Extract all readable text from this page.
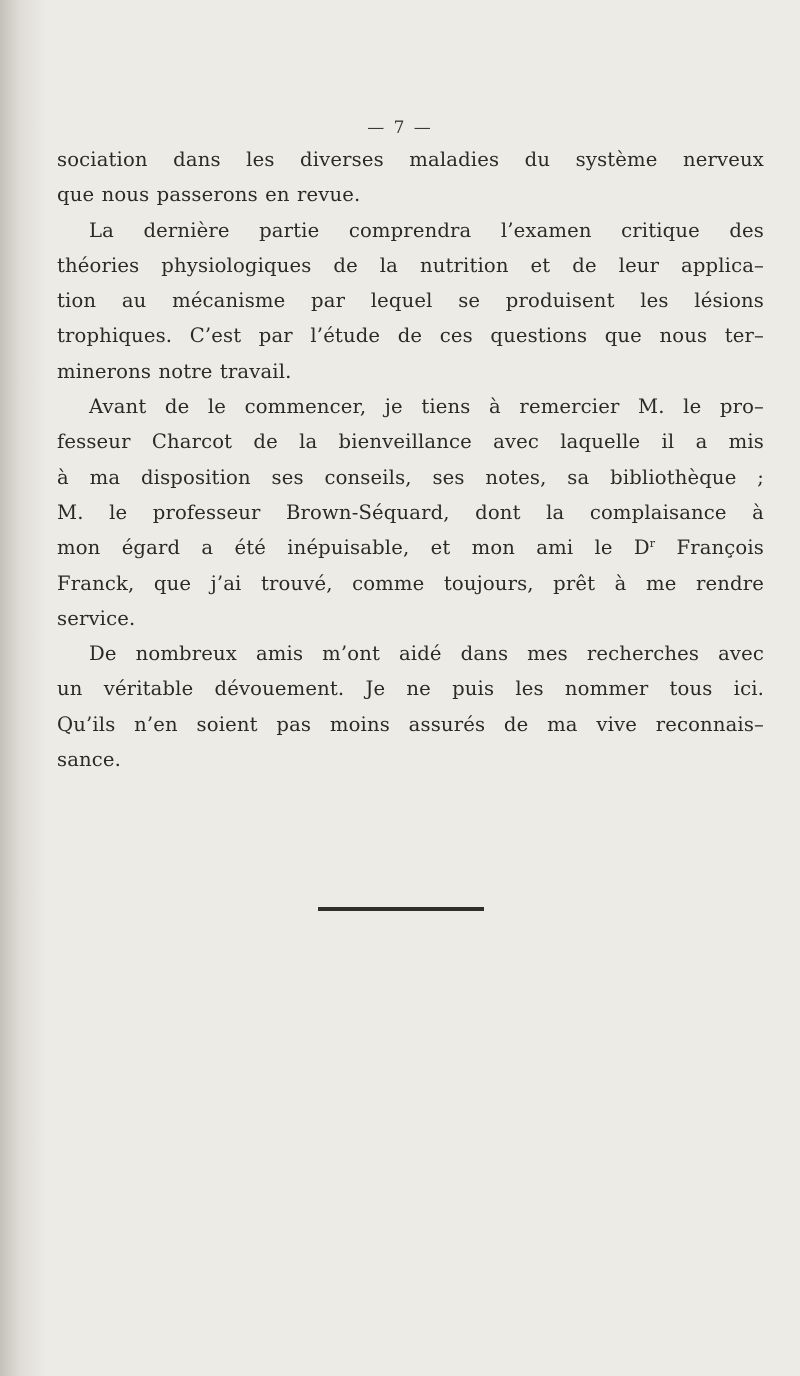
— 7 —
sociation dans les diverses maladies du système nerveux
que nous passerons en revue.
La dernière partie comprendra l’examen critique des
théories physiologiques de la nutrition et de leur applica–
tion au mécanisme par lequel se produisent les lésions
trophiques. C’est par l’étude de ces questions que nous ter–
minerons notre travail.
Avant de le commencer, je tiens à remercier M. le pro–
fesseur Charcot de la bienveillance avec laquelle il a mis
à ma disposition ses conseils, ses notes, sa bibliothèque ;
M. le professeur Brown-Séquard, dont la complaisance à
mon égard a été inépuisable, et mon ami le $D^r$ François
Franck, que j’ai trouvé, comme toujours, prêt à me rendre
service.
De nombreux amis m’ont aidé dans mes recherches avec
un véritable dévouement. Je ne puis les nommer tous ici.
Qu’ils n’en soient pas moins assurés de ma vive reconnais–
sance.
